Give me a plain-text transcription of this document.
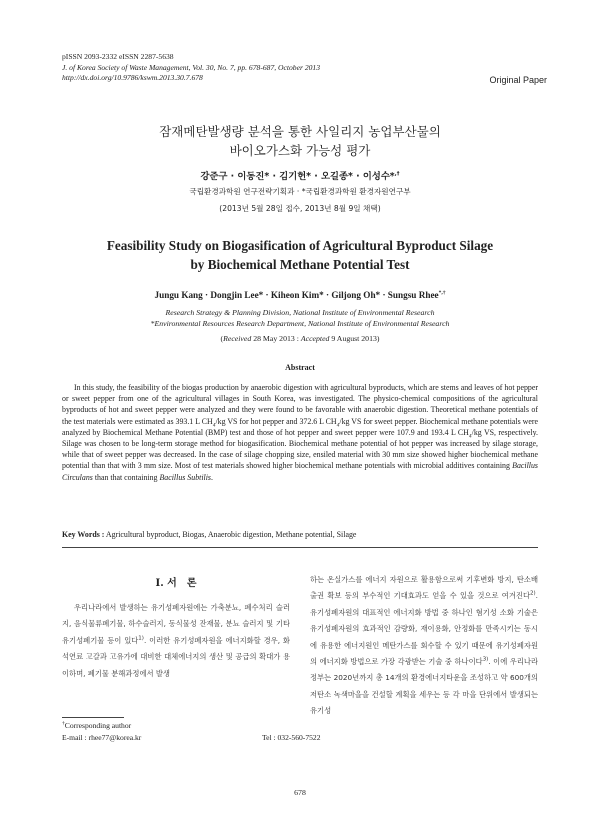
pISSN 2093-2332 eISSN 2287-5638
J. of Korea Society of Waste Management, Vol. 30, No. 7, pp. 678-687, October 2013
http://dx.doi.org/10.9786/kswm.2013.30.7.678	Original Paper
잠재메탄발생량 분석을 통한 사일리지 농업부산물의
바이오가스화 가능성 평가
강준구 · 이동진* · 김기헌* · 오길종* · 이성수*,†
국립환경과학원 연구전략기획과 · *국립환경과학원 환경자원연구부
(2013년 5월 28일 접수, 2013년 8월 9일 채택)
Feasibility Study on Biogasification of Agricultural Byproduct Silage
by Biochemical Methane Potential Test
Jungu Kang · Dongjin Lee* · Kiheon Kim* · Giljong Oh* · Sungsu Rhee*,†
Research Strategy & Planning Division, National Institute of Environmental Research
*Environmental Resources Research Department, National Institute of Environmental Research
(Received 28 May 2013 : Accepted 9 August 2013)
Abstract

In this study, the feasibility of the biogas production by anaerobic digestion with agricultural byproducts, which are stems and leaves of hot pepper or sweet pepper from one of the agricultural villages in South Korea, was investigated. The physico-chemical compositions of the agricultural byproducts of hot and sweet pepper were analyzed and they were found to be favorable with anaerobic digestion. Theoretical methane potentials of the test materials were estimated as 393.1 L $CH_4/kg$ VS for hot pepper and 372.6 L $CH_4/kg$ VS for sweet pepper. Biochemical methane potentials were analyzed by Biochemical Methane Potential (BMP) test and those of hot pepper and sweet pepper were 107.9 and 193.4 L $CH_4/kg$ VS, respectively. Silage was chosen to be long-term storage method for biogasification. Biochemical methane potential of hot pepper was increased by silage storage, while that of sweet pepper was decreased. In the case of silage chopping size, ensiled material with 30 mm size showed higher biochemical methane potential than that with 3 mm size. Most of test materials showed higher biochemical methane potentials with microbial additives containing Bacillus Circulans than that containing Bacillus Subtilis.

Key Words : Agricultural byproduct, Biogas, Anaerobic digestion, Methane potential, Silage
I. 서　론

우리나라에서 발생하는 유기성폐자원에는 가축분뇨, 폐수처리 슬러지, 음식물류폐기물, 하수슬러지, 동식물성 잔재물, 분뇨 슬러지 및 기타 유기성폐기물 등이 있다$^{1)}$. 이러한 유기성폐자원을 에너지화할 경우, 화석연료 고갈과 고유가에 대비한 대체에너지의 생산 및 공급의 확대가 용이하며, 폐기물 분해과정에서 발생

하는 온실가스를 에너지 자원으로 활용함으로써 기후변화 방지, 탄소배출권 확보 등의 부수적인 기대효과도 얻을 수 있을 것으로 여겨진다$^{2)}$. 유기성폐자원의 대표적인 에너지화 방법 중 하나인 혐기성 소화 기술은 유기성폐자원의 효과적인 감량화, 재이용화, 안정화를 만족시키는 동시에 유용한 에너지원인 메탄가스를 회수할 수 있기 때문에 유기성폐자원의 에너지화 방법으로 가장 각광받는 기술 중 하나이다$^{3)}$. 이에 우리나라 정부는 2020년까지 총 14개의 환경에너지타운을 조성하고 약 600개의 저탄소 녹색마을을 건설할 계획을 세우는 등 각 마을 단위에서 발생되는 유기성

†Corresponding author
E-mail : rhee77@korea.kr	Tel : 032-560-7522
678
